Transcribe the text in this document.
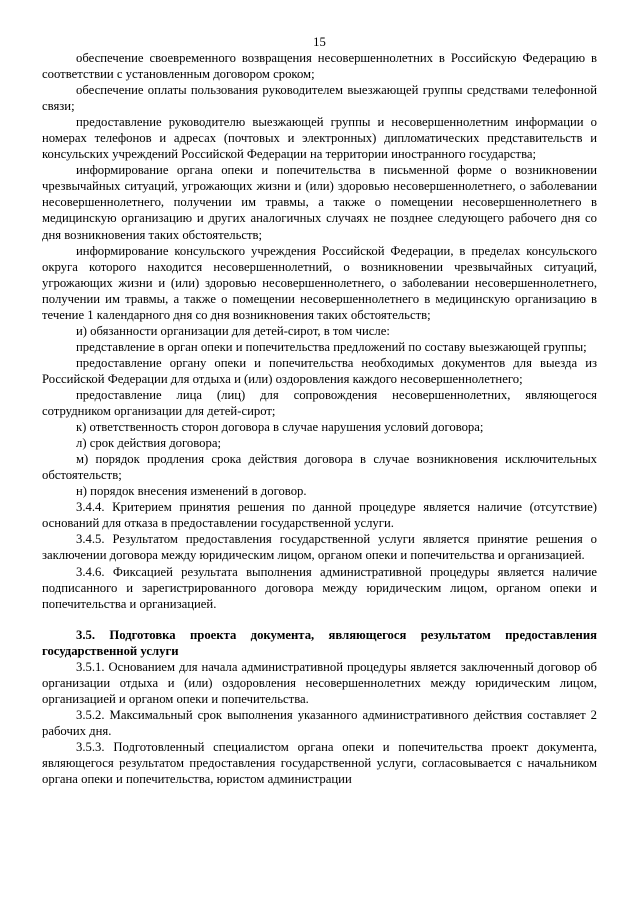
15

обеспечение своевременного возвращения несовершеннолетних в Российскую Федерацию в соответствии с установленным договором сроком;

обеспечение оплаты пользования руководителем выезжающей группы средствами телефонной связи;

предоставление руководителю выезжающей группы и несовершеннолетним информации о номерах телефонов и адресах (почтовых и электронных) дипломатических представительств и консульских учреждений Российской Федерации на территории иностранного государства;

информирование органа опеки и попечительства в письменной форме о возникновении чрезвычайных ситуаций, угрожающих жизни и (или) здоровью несовершеннолетнего, о заболевании несовершеннолетнего, получении им травмы, а также о помещении несовершеннолетнего в медицинскую организацию и других аналогичных случаях не позднее следующего рабочего дня со дня возникновения таких обстоятельств;

информирование консульского учреждения Российской Федерации, в пределах консульского округа которого находится несовершеннолетний, о возникновении чрезвычайных ситуаций, угрожающих жизни и (или) здоровью несовершеннолетнего, о заболевании несовершеннолетнего, получении им травмы, а также о помещении несовершеннолетнего в медицинскую организацию в течение 1 календарного дня со дня возникновения таких обстоятельств;

и) обязанности организации для детей-сирот, в том числе:

представление в орган опеки и попечительства предложений по составу выезжающей группы;

предоставление органу опеки и попечительства необходимых документов для выезда из Российской Федерации для отдыха и (или) оздоровления каждого несовершеннолетнего;

предоставление лица (лиц) для сопровождения несовершеннолетних, являющегося сотрудником организации для детей-сирот;

к) ответственность сторон договора в случае нарушения условий договора;

л) срок действия договора;

м) порядок продления срока действия договора в случае возникновения исключительных обстоятельств;

н) порядок внесения изменений в договор.

3.4.4. Критерием принятия решения по данной процедуре является наличие (отсутствие) оснований для отказа в предоставлении государственной услуги.

3.4.5. Результатом предоставления государственной услуги является принятие решения о заключении договора между юридическим лицом, органом опеки и попечительства и организацией.

3.4.6. Фиксацией результата выполнения административной процедуры является наличие подписанного и зарегистрированного договора между юридическим лицом, органом опеки и попечительства и организацией.

3.5. Подготовка проекта документа, являющегося результатом предоставления государственной услуги

3.5.1. Основанием для начала административной процедуры является заключенный договор об организации отдыха и (или) оздоровления несовершеннолетних между юридическим лицом, организацией и органом опеки и попечительства.

3.5.2. Максимальный срок выполнения указанного административного действия составляет 2 рабочих дня.

3.5.3. Подготовленный специалистом органа опеки и попечительства проект документа, являющегося результатом предоставления государственной услуги, согласовывается с начальником органа опеки и попечительства, юристом администрации
